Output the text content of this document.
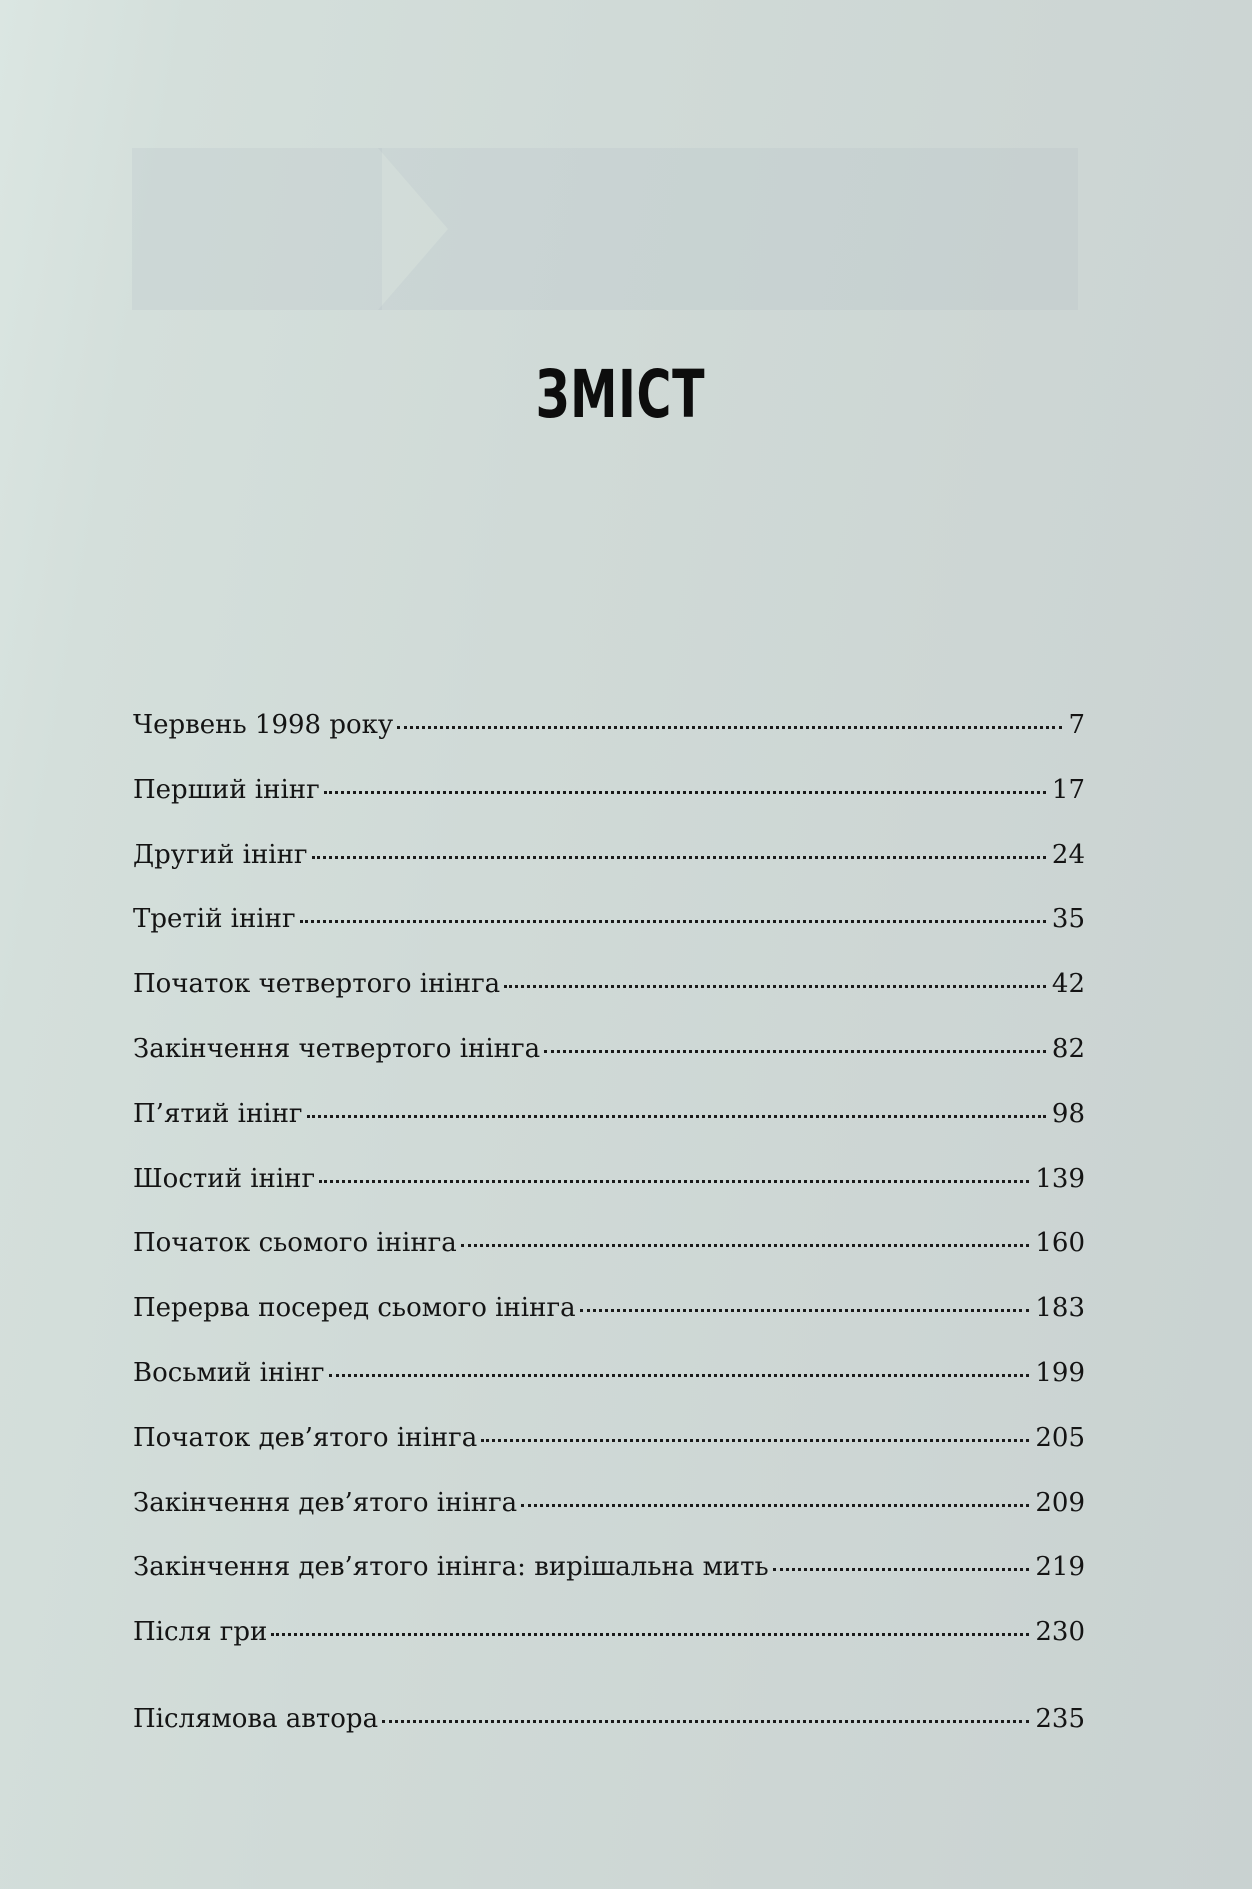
ЗМІСТ
Червень 1998 року	7
Перший інінг	17
Другий інінг	24
Третій інінг	35
Початок четвертого інінга	42
Закінчення четвертого інінга	82
П’ятий інінг	98
Шостий інінг	139
Початок сьомого інінга	160
Перерва посеред сьомого інінга	183
Восьмий інінг	199
Початок дев’ятого інінга	205
Закінчення дев’ятого інінга	209
Закінчення дев’ятого інінга: вирішальна мить	219
Після гри	230
Післямова автора	235
